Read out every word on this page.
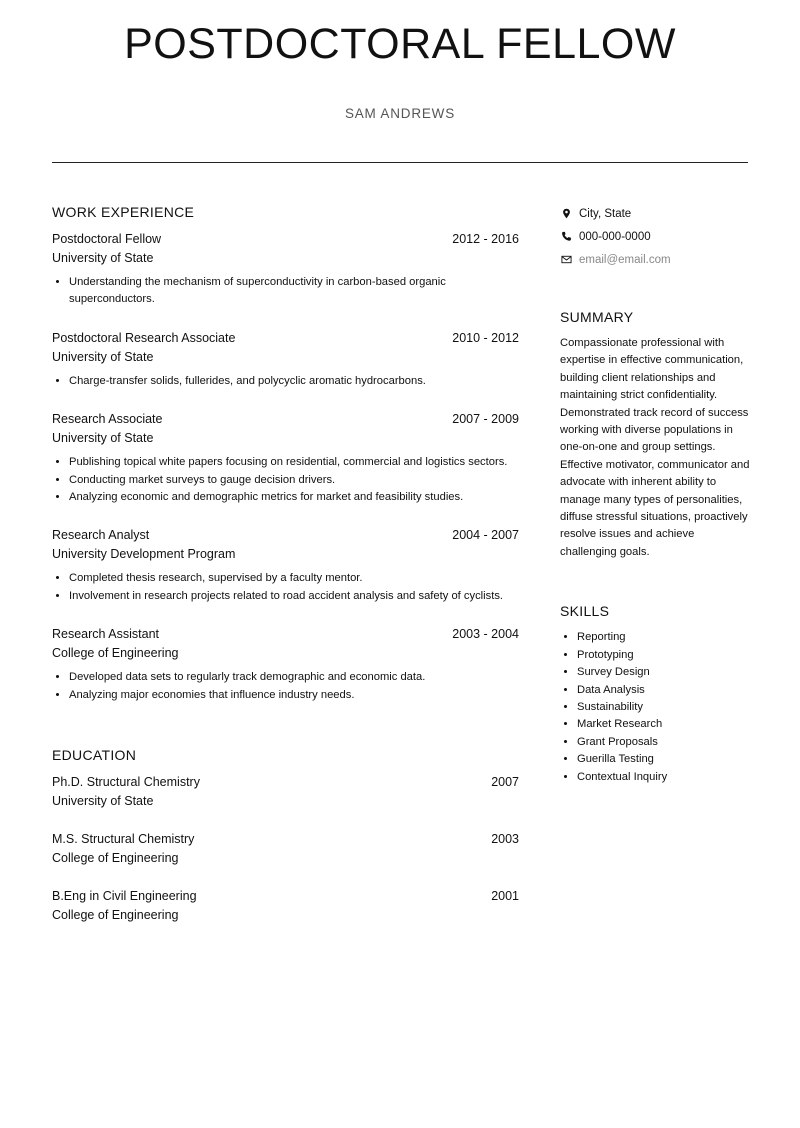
POSTDOCTORAL FELLOW
SAM ANDREWS
WORK EXPERIENCE
Postdoctoral Fellow	2012 - 2016
University of State
• Understanding the mechanism of superconductivity in carbon-based organic superconductors.
Postdoctoral Research Associate	2010 - 2012
University of State
• Charge-transfer solids, fullerides, and polycyclic aromatic hydrocarbons.
Research Associate	2007 - 2009
University of State
• Publishing topical white papers focusing on residential, commercial and logistics sectors.
• Conducting market surveys to gauge decision drivers.
• Analyzing economic and demographic metrics for market and feasibility studies.
Research Analyst	2004 - 2007
University Development Program
• Completed thesis research, supervised by a faculty mentor.
• Involvement in research projects related to road accident analysis and safety of cyclists.
Research Assistant	2003 - 2004
College of Engineering
• Developed data sets to regularly track demographic and economic data.
• Analyzing major economies that influence industry needs.
EDUCATION
Ph.D. Structural Chemistry	2007
University of State
M.S. Structural Chemistry	2003
College of Engineering
B.Eng in Civil Engineering	2001
College of Engineering
City, State
000-000-0000
email@email.com
SUMMARY

Compassionate professional with expertise in effective communication, building client relationships and maintaining strict confidentiality. Demonstrated track record of success working with diverse populations in one-on-one and group settings. Effective motivator, communicator and advocate with inherent ability to manage many types of personalities, diffuse stressful situations, proactively resolve issues and achieve challenging goals.

SKILLS
• Reporting
• Prototyping
• Survey Design
• Data Analysis
• Sustainability
• Market Research
• Grant Proposals
• Guerilla Testing
• Contextual Inquiry
